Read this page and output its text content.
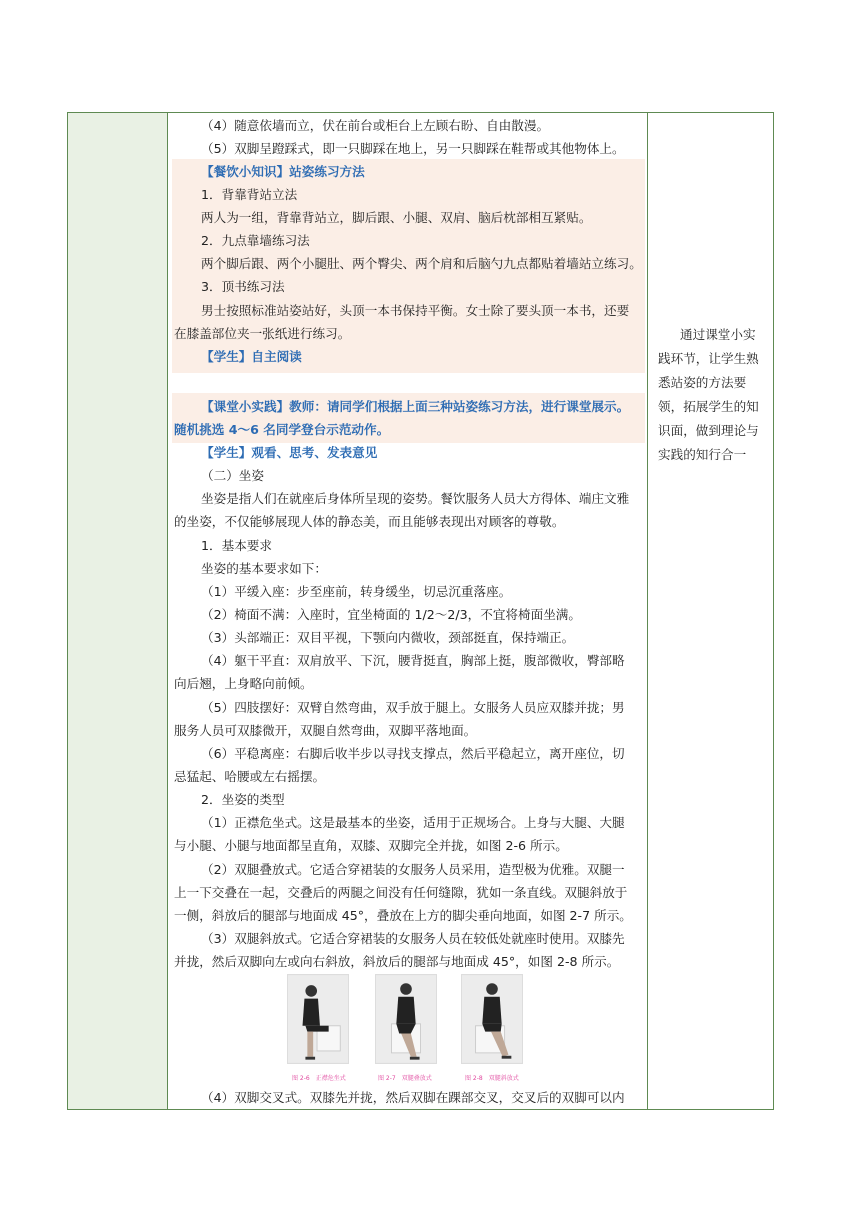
（4）随意依墙而立，伏在前台或柜台上左顾右盼、自由散漫。
（5）双脚呈蹬踩式，即一只脚踩在地上，另一只脚踩在鞋帮或其他物体上。
【餐饮小知识】站姿练习方法
1．背靠背站立法
两人为一组，背靠背站立，脚后跟、小腿、双肩、脑后枕部相互紧贴。
2．九点靠墙练习法
两个脚后跟、两个小腿肚、两个臀尖、两个肩和后脑勺九点都贴着墙站立练习。
3．顶书练习法
男士按照标准站姿站好，头顶一本书保持平衡。女士除了要头顶一本书，还要
在膝盖部位夹一张纸进行练习。
【学生】自主阅读
【课堂小实践】教师：请同学们根据上面三种站姿练习方法，进行课堂展示。
随机挑选 4～6 名同学登台示范动作。
【学生】观看、思考、发表意见
（二）坐姿
坐姿是指人们在就座后身体所呈现的姿势。餐饮服务人员大方得体、端庄文雅
的坐姿，不仅能够展现人体的静态美，而且能够表现出对顾客的尊敬。
1．基本要求
坐姿的基本要求如下：
（1）平缓入座：步至座前，转身缓坐，切忌沉重落座。
（2）椅面不满：入座时，宜坐椅面的 1/2～2/3，不宜将椅面坐满。
（3）头部端正：双目平视，下颚向内微收，颈部挺直，保持端正。
（4）躯干平直：双肩放平、下沉，腰背挺直，胸部上挺，腹部微收，臀部略
向后翘，上身略向前倾。
（5）四肢摆好：双臂自然弯曲，双手放于腿上。女服务人员应双膝并拢；男
服务人员可双膝微开，双腿自然弯曲，双脚平落地面。
（6）平稳离座：右脚后收半步以寻找支撑点，然后平稳起立，离开座位，切
忌猛起、哈腰或左右摇摆。
2．坐姿的类型
（1）正襟危坐式。这是最基本的坐姿，适用于正规场合。上身与大腿、大腿
与小腿、小腿与地面都呈直角，双膝、双脚完全并拢，如图 2-6 所示。
（2）双腿叠放式。它适合穿裙装的女服务人员采用，造型极为优雅。双腿一
上一下交叠在一起，交叠后的两腿之间没有任何缝隙，犹如一条直线。双腿斜放于
一侧，斜放后的腿部与地面成 45°，叠放在上方的脚尖垂向地面，如图 2-7 所示。
（3）双腿斜放式。它适合穿裙装的女服务人员在较低处就座时使用。双膝先
并拢，然后双脚向左或向右斜放，斜放后的腿部与地面成 45°，如图 2-8 所示。
（4）双脚交叉式。双膝先并拢，然后双脚在踝部交叉，交叉后的双脚可以内
通过课堂小实
践环节，让学生熟
悉站姿的方法要
领，拓展学生的知
识面，做到理论与
实践的知行合一
图 2-6　正襟危坐式	图 2-7　双腿叠放式	图 2-8　双腿斜放式
